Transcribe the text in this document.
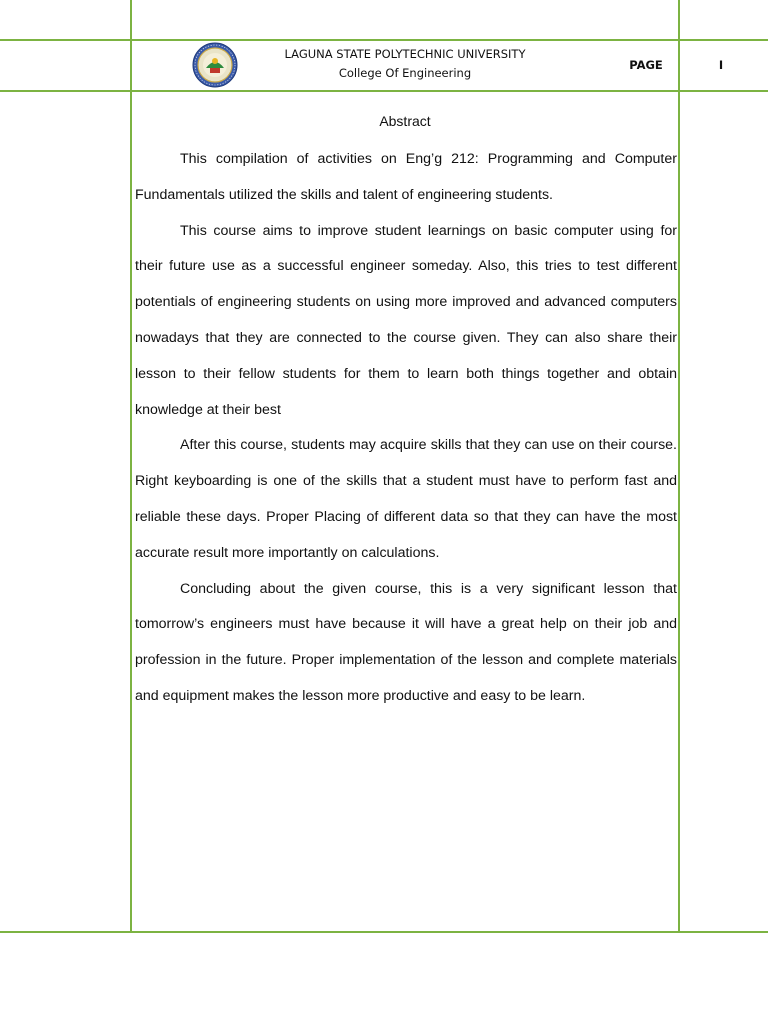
LAGUNA STATE POLYTECHNIC UNIVERSITY
College Of Engineering
PAGE	I
Abstract

This compilation of activities on Eng’g 212: Programming and Computer Fundamentals utilized the skills and talent of engineering students.

This course aims to improve student learnings on basic computer using for their future use as a successful engineer someday. Also, this tries to test different potentials of engineering students on using more improved and advanced computers nowadays that they are connected to the course given. They can also share their lesson to their fellow students for them to learn both things together and obtain knowledge at their best

After this course, students may acquire skills that they can use on their course. Right keyboarding is one of the skills that a student must have to perform fast and reliable these days. Proper Placing of different data so that they can have the most accurate result more importantly on calculations.

Concluding about the given course, this is a very significant lesson that tomorrow’s engineers must have because it will have a great help on their job and profession in the future. Proper implementation of the lesson and complete materials and equipment makes the lesson more productive and easy to be learn.
